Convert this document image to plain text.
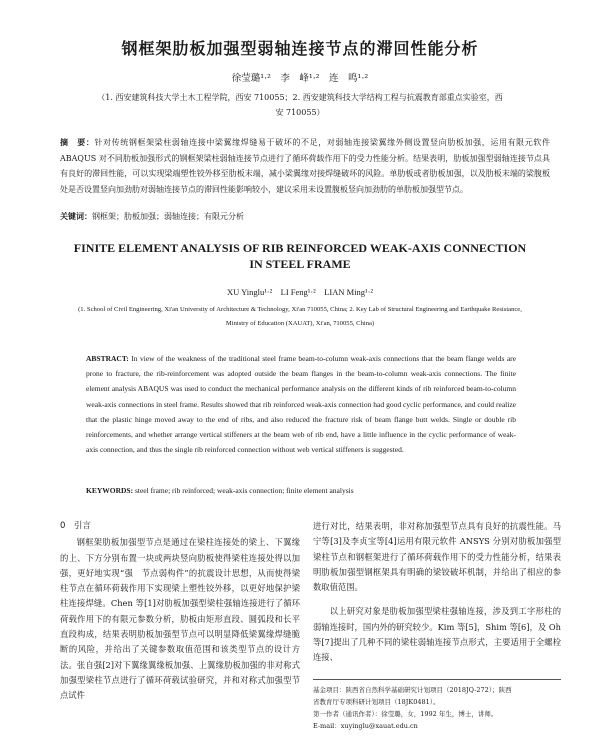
钢框架肋板加强型弱轴连接节点的滞回性能分析
徐莹璐¹·²　李　峰¹·²　连　鸣¹·²
（1. 西安建筑科技大学土木工程学院，西安 710055；2. 西安建筑科技大学结构工程与抗震教育部重点实验室，西安 710055）
摘　要：针对传统钢框架梁柱弱轴连接中梁翼缘焊缝易于破坏的不足，对弱轴连接梁翼缘外侧设置竖向肋板加强，运用有限元软件 ABAQUS 对不同肋板加强形式的钢框架梁柱弱轴连接节点进行了循环荷载作用下的受力性能分析。结果表明，肋板加强型弱轴连接节点具有良好的滞回性能，可以实现梁端塑性铰外移至肋板末端，减小梁翼缘对接焊缝破坏的风险。单肋板或者肋板加强，以及肋板末端的梁腹板处是否设置竖向加劲肋对弱轴连接节点的滞回性能影响较小，建议采用未设置腹板竖向加劲肋的单肋板加强型节点。
关键词：钢框架；肋板加强；弱轴连接；有限元分析
FINITE ELEMENT ANALYSIS OF RIB REINFORCED WEAK-AXIS CONNECTION IN STEEL FRAME
XU Yinglu¹·²　LI Feng¹·²　LIAN Ming¹·²
(1. School of Civil Engineering, Xi'an University of Architecture & Technology, Xi'an 710055, China; 2. Key Lab of Structural Engineering and Earthquake Resistance, Ministry of Education (XAUAT), Xi'an, 710055, China)
ABSTRACT: In view of the weakness of the traditional steel frame beam-to-column weak-axis connections that the beam flange welds are prone to fracture, the rib-reinforcement was adopted outside the beam flanges in the beam-to-column weak-axis connections. The finite element analysis ABAQUS was used to conduct the mechanical performance analysis on the different kinds of rib reinforced beam-to-column weak-axis connections in steel frame. Results showed that rib reinforced weak-axis connection had good cyclic performance, and could realize that the plastic hinge moved away to the end of ribs, and also reduced the fracture risk of beam flange butt welds. Single or double rib reinforcements, and whether arrange vertical stiffeners at the beam web of rib end, have a little influence in the cyclic performance of weak-axis connection, and thus the single rib reinforced connection without web vertical stiffeners is suggested.
KEYWORDS: steel frame; rib reinforced; weak-axis connection; finite element analysis
0　引言

钢框架肋板加强型节点是通过在梁柱连接处的梁上、下翼缘的上、下方分别布置一块或两块竖向肋板使得梁柱连接处得以加强，更好地实现“强　节点弱构件”的抗震设计思想，从而使得梁柱节点在循环荷载作用下实现梁上塑性铰外移，以更好地保护梁柱连接焊缝。Chen 等[1]对肋板加强型梁柱强轴连接进行了循环荷载作用下的有限元参数分析，肋板由矩形直段、圆弧段和长平直段构成，结果表明肋板加强型节点可以明显降低梁翼缘焊缝脆断的风险，并给出了关键参数取值范围和该类型节点的设计方法。张自强[2]对下翼缘翼缘板加强、上翼缘肋板加强的非对称式加强型梁柱节点进行了循环荷载试验研究，并和对称式加强型节点试件

进行对比，结果表明，非对称加强型节点具有良好的抗震性能。马宁等[3]及李贞宝等[4]运用有限元软件 ANSYS 分别对肋板加强型梁柱节点和钢框架进行了循环荷载作用下的受力性能分析，结果表明肋板加强型钢框架具有明确的梁铰破坏机制，并给出了相应的参数取值范围。

以上研究对象是肋板加强型梁柱强轴连接，涉及到工字形柱的弱轴连接时，国内外的研究较少。Kim 等[5]，Shim 等[6]，及 Oh 等[7]提出了几种不同的梁柱弱轴连接节点形式，主要适用于全螺栓连接、

基金项目：陕西省自然科学基础研究计划项目（2018JQ-272）；陕西
省教育厅专项科研计划项目（18JK0481）。
第一作者（通讯作者）：徐莹璐，女，1992 年生，博士，讲师。
E-mail：xuyinglu@xauat.edu.cn
